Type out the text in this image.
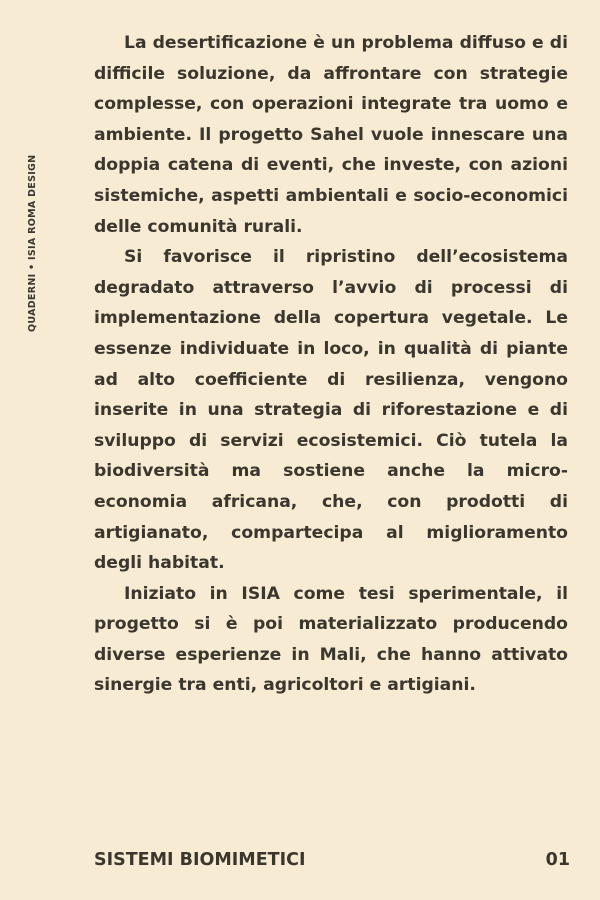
QUADERNI • ISIA ROMA DESIGN

La desertificazione è un problema diffuso e di difficile soluzione, da affrontare con strategie complesse, con operazioni integrate tra uomo e ambiente. Il progetto Sahel vuole innescare una doppia catena di eventi, che investe, con azioni sistemiche, aspetti ambientali e socio-economici delle comunità rurali.

Si favorisce il ripristino dell’ecosistema degradato attraverso l’avvio di processi di implementazione della copertura vegetale. Le essenze individuate in loco, in qualità di piante ad alto coefficiente di resilienza, vengono inserite in una strategia di riforestazione e di sviluppo di servizi ecosistemici. Ciò tutela la biodiversità ma sostiene anche la micro-economia africana, che, con prodotti di artigianato, compartecipa al miglioramento degli habitat.

Iniziato in ISIA come tesi sperimentale, il progetto si è poi materializzato producendo diverse esperienze in Mali, che hanno attivato sinergie tra enti, agricoltori e artigiani.

SISTEMI BIOMIMETICI	01
